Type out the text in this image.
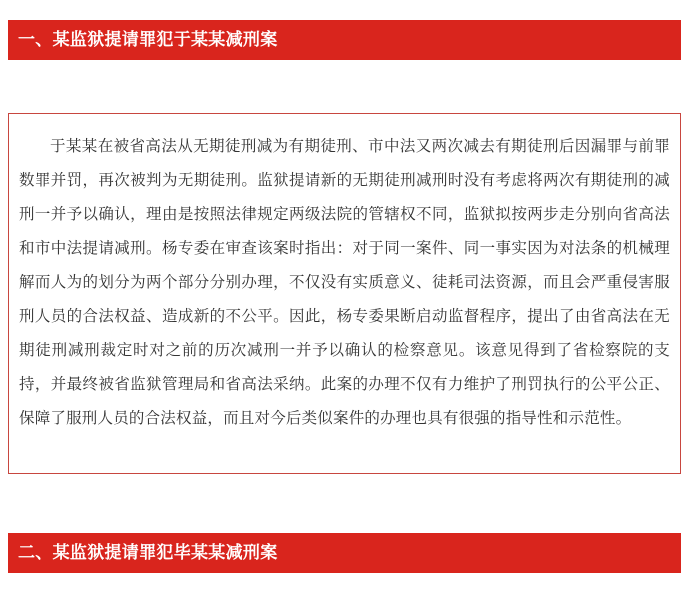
一、某监狱提请罪犯于某某减刑案

于某某在被省高法从无期徒刑减为有期徒刑、市中法又两次减去有期徒刑后因漏罪与前罪数罪并罚，再次被判为无期徒刑。监狱提请新的无期徒刑减刑时没有考虑将两次有期徒刑的减刑一并予以确认，理由是按照法律规定两级法院的管辖权不同，监狱拟按两步走分别向省高法和市中法提请减刑。杨专委在审查该案时指出：对于同一案件、同一事实因为对法条的机械理解而人为的划分为两个部分分别办理，不仅没有实质意义、徒耗司法资源，而且会严重侵害服刑人员的合法权益、造成新的不公平。因此，杨专委果断启动监督程序，提出了由省高法在无期徒刑减刑裁定时对之前的历次减刑一并予以确认的检察意见。该意见得到了省检察院的支持，并最终被省监狱管理局和省高法采纳。此案的办理不仅有力维护了刑罚执行的公平公正、保障了服刑人员的合法权益，而且对今后类似案件的办理也具有很强的指导性和示范性。

二、某监狱提请罪犯毕某某减刑案
